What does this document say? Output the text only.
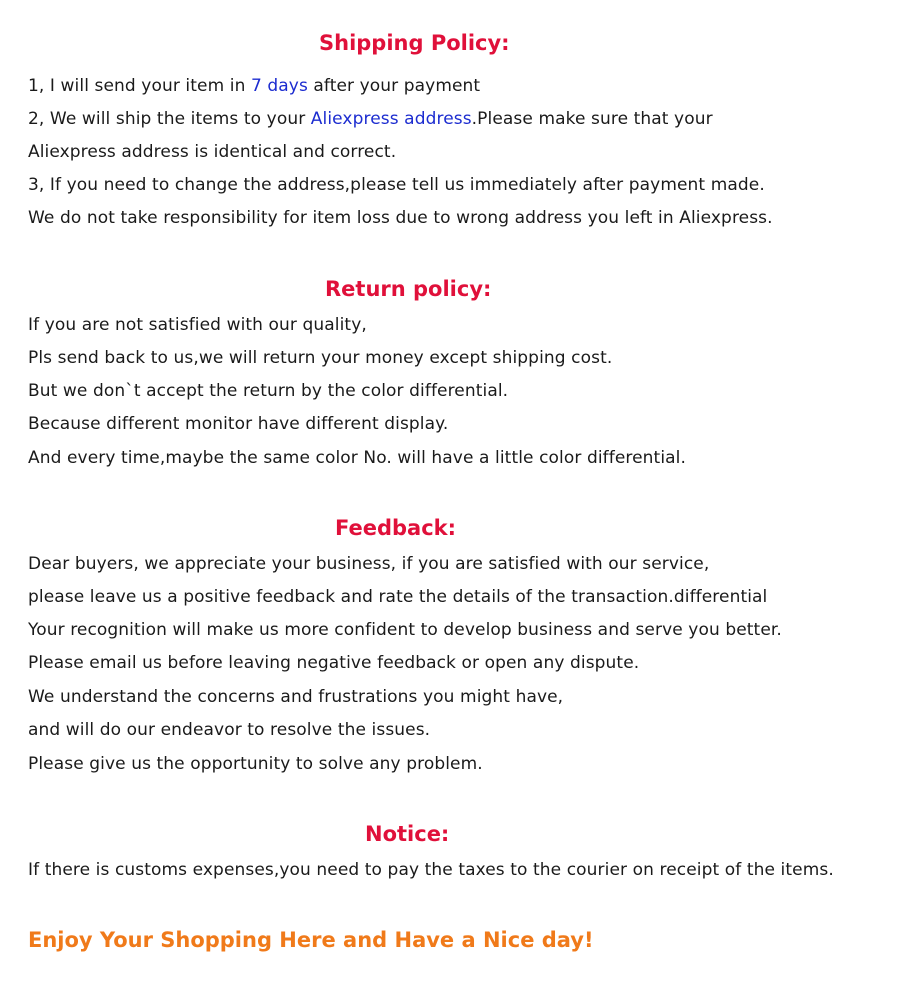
Shipping Policy:
1, I will send your item in 7 days after your payment
2, We will ship the items to your Aliexpress address.Please make sure that your
Aliexpress address is identical and correct.
3, If you need to change the address,please tell us immediately after payment made.
We do not take responsibility for item loss due to wrong address you left in Aliexpress.
Return policy:
If you are not satisfied with our quality,
Pls send back to us,we will return your money except shipping cost.
But we don`t accept the return by the color differential.
Because different monitor have different display.
And every time,maybe the same color No. will have a little color differential.
Feedback:
Dear buyers, we appreciate your business, if you are satisfied with our service,
please leave us a positive feedback and rate the details of the transaction.differential
Your recognition will make us more confident to develop business and serve you better.
Please email us before leaving negative feedback or open any dispute.
We understand the concerns and frustrations you might have,
and will do our endeavor to resolve the issues.
Please give us the opportunity to solve any problem.
Notice:
If there is customs expenses,you need to pay the taxes to the courier on receipt of the items.
Enjoy Your Shopping Here and Have a Nice day!
